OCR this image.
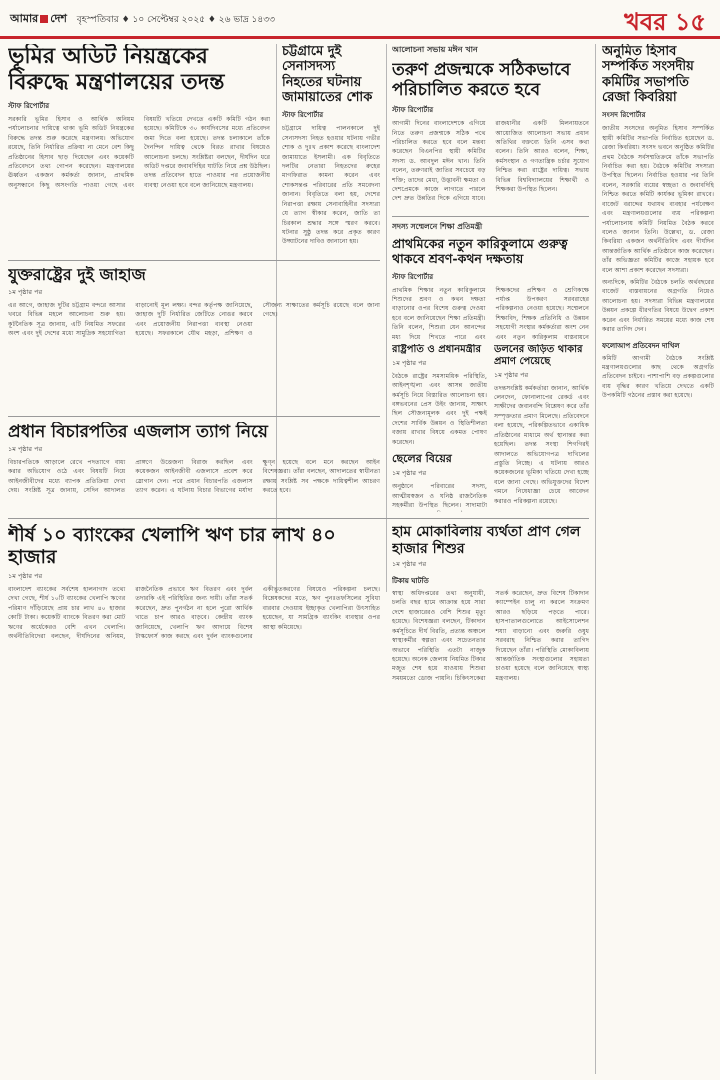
আমার দেশ বৃহস্পতিবার ♦ ১০ সেপ্টেম্বর ২০২৫ ♦ ২৬ ভাদ্র ১৪৩৩	খবর ১৫
ভূমির অডিট নিয়ন্ত্রকের বিরুদ্ধে মন্ত্রণালয়ের তদন্ত
স্টাফ রিপোর্টার

সরকারি ভূমির হিসাব ও আর্থিক অনিয়ম পর্যালোচনার দায়িত্বে থাকা ভূমি অডিট নিয়ন্ত্রকের বিরুদ্ধে তদন্ত শুরু করেছে মন্ত্রণালয়। অভিযোগ রয়েছে, তিনি নির্ধারিত প্রক্রিয়া না মেনে বেশ কিছু প্রতিষ্ঠানের হিসাব ছাড় দিয়েছেন এবং কয়েকটি প্রতিবেদনে তথ্য গোপন করেছেন। মন্ত্রণালয়ের ঊর্ধ্বতন একজন কর্মকর্তা জানান, প্রাথমিক অনুসন্ধানে কিছু অসংগতি পাওয়া গেছে এবং বিষয়টি খতিয়ে দেখতে একটি কমিটি গঠন করা হয়েছে। কমিটিকে ৩০ কার্যদিবসের মধ্যে প্রতিবেদন জমা দিতে বলা হয়েছে। তদন্ত চলাকালে তাঁকে দৈনন্দিন দায়িত্ব থেকে বিরত রাখার বিষয়েও আলোচনা চলছে। সংশ্লিষ্টরা বলছেন, দীর্ঘদিন ধরে অডিট দপ্তরে জবাবদিহির ঘাটতি নিয়ে প্রশ্ন উঠছিল। তদন্ত প্রতিবেদন হাতে পাওয়ার পর প্রয়োজনীয় ব্যবস্থা নেওয়া হবে বলে জানিয়েছে মন্ত্রণালয়।

চট্টগ্রামে দুই সেনাসদস্য নিহতের ঘটনায় জামায়াতের শোক
স্টাফ রিপোর্টার

চট্টগ্রামে দায়িত্ব পালনকালে দুই সেনাসদস্য নিহত হওয়ার ঘটনায় গভীর শোক ও দুঃখ প্রকাশ করেছে বাংলাদেশ জামায়াতে ইসলামী। এক বিবৃতিতে দলটির নেতারা নিহতদের রুহের মাগফিরাত কামনা করেন এবং শোকসন্তপ্ত পরিবারের প্রতি সমবেদনা জানান। বিবৃতিতে বলা হয়, দেশের নিরাপত্তা রক্ষায় সেনাবাহিনীর সদস্যরা যে ত্যাগ স্বীকার করেন, জাতি তা চিরকাল শ্রদ্ধার সঙ্গে স্মরণ করবে। ঘটনার সুষ্ঠু তদন্ত করে প্রকৃত কারণ উদ্ঘাটনের দাবিও জানানো হয়।

যুক্তরাষ্ট্রের দুই জাহাজ
১ম পৃষ্ঠার পর

এর আগে, জাহাজ দুটির চট্টগ্রাম বন্দরে আসার খবরে বিভিন্ন মহলে আলোচনা শুরু হয়। কূটনৈতিক সূত্র জানায়, এটি নিয়মিত সফরের অংশ এবং দুই দেশের মধ্যে সামুদ্রিক সহযোগিতা বাড়ানোই মূল লক্ষ্য। বন্দর কর্তৃপক্ষ জানিয়েছে, জাহাজ দুটি নির্ধারিত জেটিতে নোঙর করবে এবং প্রয়োজনীয় নিরাপত্তা ব্যবস্থা নেওয়া হয়েছে। সফরকালে যৌথ মহড়া, প্রশিক্ষণ ও সৌজন্য সাক্ষাতের কর্মসূচি রয়েছে বলে জানা গেছে।

প্রধান বিচারপতির এজলাস ত্যাগ নিয়ে
১ম পৃষ্ঠার পর

বিচারপতিকে আড়ালে রেখে পদত্যাগে বাধ্য করার অভিযোগ ওঠে এবং বিষয়টি নিয়ে আইনজীবীদের মধ্যে ব্যাপক প্রতিক্রিয়া দেখা দেয়। সংশ্লিষ্ট সূত্র জানায়, সেদিন আদালত প্রাঙ্গণে উত্তেজনা বিরাজ করছিল এবং কয়েকজন আইনজীবী এজলাসে প্রবেশ করে স্লোগান দেন। পরে প্রধান বিচারপতি এজলাস ত্যাগ করেন। এ ঘটনায় বিচার বিভাগের মর্যাদা ক্ষুণ্ন হয়েছে বলে মনে করছেন আইন বিশেষজ্ঞরা। তাঁরা বলছেন, আদালতের স্বাধীনতা রক্ষায় সংশ্লিষ্ট সব পক্ষকে দায়িত্বশীল আচরণ করতে হবে।

আলোচনা সভায় মঈন খান
তরুণ প্রজন্মকে সঠিকভাবে পরিচালিত করতে হবে
স্টাফ রিপোর্টার

আগামী দিনের বাংলাদেশকে এগিয়ে নিতে তরুণ প্রজন্মকে সঠিক পথে পরিচালিত করতে হবে বলে মন্তব্য করেছেন বিএনপির স্থায়ী কমিটির সদস্য ড. আবদুল মঈন খান। তিনি বলেন, তরুণরাই জাতির সবচেয়ে বড় শক্তি; তাদের মেধা, উদ্ভাবনী ক্ষমতা ও দেশপ্রেমকে কাজে লাগাতে পারলে দেশ দ্রুত উন্নতির দিকে এগিয়ে যাবে। রাজধানীর একটি মিলনায়তনে আয়োজিত আলোচনা সভায় প্রধান অতিথির বক্তব্যে তিনি এসব কথা বলেন। তিনি আরও বলেন, শিক্ষা, কর্মসংস্থান ও গণতান্ত্রিক চর্চার সুযোগ নিশ্চিত করা রাষ্ট্রের দায়িত্ব। সভায় বিভিন্ন বিশ্ববিদ্যালয়ের শিক্ষার্থী ও শিক্ষকরা উপস্থিত ছিলেন।

সদস্য সম্মেলনে শিক্ষা প্রতিমন্ত্রী
প্রাথমিকের নতুন কারিকুলামে গুরুত্ব থাকবে শ্রবণ-কথন দক্ষতায়
স্টাফ রিপোর্টার

প্রাথমিক শিক্ষার নতুন কারিকুলামে শিশুদের শ্রবণ ও কথন দক্ষতা বাড়ানোর ওপর বিশেষ গুরুত্ব দেওয়া হবে বলে জানিয়েছেন শিক্ষা প্রতিমন্ত্রী। তিনি বলেন, শিশুরা যেন আনন্দের মধ্য দিয়ে শিখতে পারে এবং শিক্ষকদের প্রশিক্ষণ ও শ্রেণিকক্ষে পর্যাপ্ত উপকরণ সরবরাহের পরিকল্পনাও নেওয়া হয়েছে। সম্মেলনে শিক্ষাবিদ, শিক্ষক প্রতিনিধি ও উন্নয়ন সহযোগী সংস্থার কর্মকর্তারা অংশ নেন এবং নতুন কারিকুলাম বাস্তবায়নে

রাষ্ট্রপতি ও প্রধানমন্ত্রীর
১ম পৃষ্ঠার পর

বৈঠকে রাষ্ট্রের সমসাময়িক পরিস্থিতি, আইনশৃঙ্খলা এবং আসন্ন জাতীয় কর্মসূচি নিয়ে বিস্তারিত আলোচনা হয়। বঙ্গভবনের প্রেস উইং জানায়, সাক্ষাৎ ছিল সৌজন্যমূলক এবং দুই পক্ষই দেশের সার্বিক উন্নয়ন ও স্থিতিশীলতা বজায় রাখার বিষয়ে একমত পোষণ করেছেন।

ছেলের বিয়ের
১ম পৃষ্ঠার পর

অনুষ্ঠানে পরিবারের সদস্য, আত্মীয়স্বজন ও ঘনিষ্ঠ রাজনৈতিক সহকর্মীরা উপস্থিত ছিলেন। সাদামাটা

ডলনের জড়িত থাকার প্রমাণ পেয়েছে
১ম পৃষ্ঠার পর

তদন্তসংশ্লিষ্ট কর্মকর্তারা জানান, আর্থিক লেনদেন, ফোনালাপের রেকর্ড এবং সাক্ষীদের জবানবন্দি বিশ্লেষণ করে তাঁর সম্পৃক্ততার প্রমাণ মিলেছে। প্রতিবেদনে বলা হয়েছে, পরিকল্পিতভাবে একাধিক প্রতিষ্ঠানের মাধ্যমে অর্থ স্থানান্তর করা হয়েছিল। তদন্ত সংস্থা শিগগিরই আদালতে অভিযোগপত্র দাখিলের প্রস্তুতি নিচ্ছে। এ ঘটনায় আরও কয়েকজনের ভূমিকা খতিয়ে দেখা হচ্ছে বলে জানা গেছে। অভিযুক্তদের বিদেশ গমনে নিষেধাজ্ঞা চেয়ে আবেদন করারও পরিকল্পনা রয়েছে।

শীর্ষ ১০ ব্যাংকের খেলাপি ঋণ চার লাখ ৪০ হাজার
১ম পৃষ্ঠার পর

বাংলাদেশ ব্যাংকের সর্বশেষ হালনাগাদ তথ্যে দেখা গেছে, শীর্ষ ১০টি ব্যাংকের খেলাপি ঋণের পরিমাণ দাঁড়িয়েছে প্রায় চার লাখ ৪০ হাজার কোটি টাকা। কয়েকটি ব্যাংকে বিতরণ করা মোট ঋণের অর্ধেকেরও বেশি এখন খেলাপি। অর্থনীতিবিদেরা বলছেন, দীর্ঘদিনের অনিয়ম, রাজনৈতিক প্রভাবে ঋণ বিতরণ এবং দুর্বল তদারকি এই পরিস্থিতির জন্য দায়ী। তাঁরা সতর্ক করেছেন, দ্রুত পুনর্গঠন না হলে পুরো আর্থিক খাতে চাপ আরও বাড়বে। কেন্দ্রীয় ব্যাংক জানিয়েছে, খেলাপি ঋণ আদায়ে বিশেষ টাস্কফোর্স কাজ করছে এবং দুর্বল ব্যাংকগুলোর একীভূতকরণের বিষয়েও পরিকল্পনা চলছে। বিশ্লেষকদের মতে, ঋণ পুনঃতফসিলের সুবিধা বারবার দেওয়ায় ইচ্ছাকৃত খেলাপিরা উৎসাহিত হয়েছেন, যা সামগ্রিক ব্যাংকিং ব্যবস্থার ওপর আস্থা কমিয়েছে।

হাম মোকাবিলায় ব্যর্থতা প্রাণ গেল হাজার শিশুর
১ম পৃষ্ঠার পর
টিকায় ঘাটতি

স্বাস্থ্য অধিদপ্তরের তথ্য অনুযায়ী, চলতি বছর হামে আক্রান্ত হয়ে সারা দেশে হাজারেরও বেশি শিশুর মৃত্যু হয়েছে। বিশেষজ্ঞরা বলছেন, টিকাদান কর্মসূচিতে দীর্ঘ বিরতি, প্রত্যন্ত অঞ্চলে স্বাস্থ্যকর্মীর স্বল্পতা এবং সচেতনতার অভাবে পরিস্থিতি এতটা নাজুক হয়েছে। অনেক জেলায় নিয়মিত টিকার মজুত শেষ হয়ে যাওয়ায় শিশুরা সময়মতো ডোজ পায়নি। চিকিৎসকেরা সতর্ক করেছেন, দ্রুত বিশেষ টিকাদান ক্যাম্পেইন চালু না করলে সংক্রমণ আরও ছড়িয়ে পড়তে পারে। হাসপাতালগুলোতে আইসোলেশন শয্যা বাড়ানো এবং জরুরি ওষুধ সরবরাহ নিশ্চিত করার তাগিদ দিয়েছেন তাঁরা। পরিস্থিতি মোকাবিলায় আন্তর্জাতিক সংস্থাগুলোর সহায়তা চাওয়া হয়েছে বলে জানিয়েছে স্বাস্থ্য মন্ত্রণালয়।

অনুমিত হিসাব সম্পর্কিত সংসদীয় কমিটির সভাপতি রেজা কিবরিয়া
সংসদ রিপোর্টার

জাতীয় সংসদের অনুমিত হিসাব সম্পর্কিত স্থায়ী কমিটির সভাপতি নির্বাচিত হয়েছেন ড. রেজা কিবরিয়া। সংসদ ভবনে অনুষ্ঠিত কমিটির প্রথম বৈঠকে সর্বসম্মতিক্রমে তাঁকে সভাপতি নির্বাচিত করা হয়। বৈঠকে কমিটির সদস্যরা উপস্থিত ছিলেন। নির্বাচিত হওয়ার পর তিনি বলেন, সরকারি ব্যয়ের স্বচ্ছতা ও জবাবদিহি নিশ্চিত করতে কমিটি কার্যকর ভূমিকা রাখবে। বাজেট বরাদ্দের যথাযথ ব্যবহার পর্যবেক্ষণ এবং মন্ত্রণালয়গুলোর ব্যয় পরিকল্পনা পর্যালোচনায় কমিটি নিয়মিত বৈঠক করবে বলেও জানান তিনি। উল্লেখ্য, ড. রেজা কিবরিয়া একজন অর্থনীতিবিদ এবং দীর্ঘদিন আন্তর্জাতিক আর্থিক প্রতিষ্ঠানে কাজ করেছেন। তাঁর অভিজ্ঞতা কমিটির কাজে সহায়ক হবে বলে আশা প্রকাশ করেছেন সদস্যরা।

অন্যদিকে, কমিটির বৈঠকে চলতি অর্থবছরের বাজেট বাস্তবায়নের অগ্রগতি নিয়েও আলোচনা হয়। সদস্যরা বিভিন্ন মন্ত্রণালয়ের উন্নয়ন প্রকল্পে ধীরগতির বিষয়ে উদ্বেগ প্রকাশ করেন এবং নির্ধারিত সময়ের মধ্যে কাজ শেষ করার তাগিদ দেন।

ফলোআপ প্রতিবেদন দাখিল

কমিটি আগামী বৈঠকে সংশ্লিষ্ট মন্ত্রণালয়গুলোর কাছ থেকে অগ্রগতি প্রতিবেদন চাইবে। পাশাপাশি বড় প্রকল্পগুলোর ব্যয় বৃদ্ধির কারণ খতিয়ে দেখতে একটি উপকমিটি গঠনের প্রস্তাব করা হয়েছে।
